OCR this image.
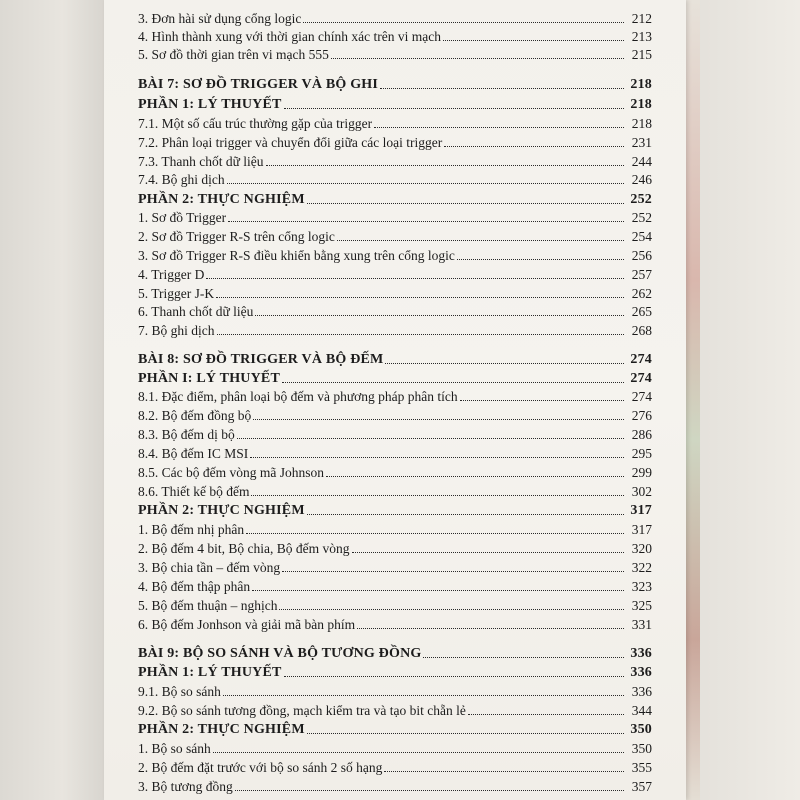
3. Đơn hài sử dụng cổng logic	212
4. Hình thành xung với thời gian chính xác trên vi mạch	213
5. Sơ đồ thời gian trên vi mạch 555	215
BÀI 7: SƠ ĐỒ TRIGGER VÀ BỘ GHI	218
PHẦN 1: LÝ THUYẾT	218
7.1. Một số cấu trúc thường gặp của trigger	218
7.2. Phân loại trigger và chuyển đổi giữa các loại trigger	231
7.3. Thanh chốt dữ liệu	244
7.4. Bộ ghi dịch	246
PHẦN 2: THỰC NGHIỆM	252
1. Sơ đồ Trigger	252
2. Sơ đồ Trigger R-S trên cổng logic	254
3. Sơ đồ Trigger R-S điều khiển bằng xung trên cổng logic	256
4. Trigger D	257
5. Trigger J-K	262
6. Thanh chốt dữ liệu	265
7. Bộ ghi dịch	268
BÀI 8: SƠ ĐỒ TRIGGER VÀ BỘ ĐẾM	274
PHẦN I: LÝ THUYẾT	274
8.1. Đặc điểm, phân loại bộ đếm và phương pháp phân tích	274
8.2. Bộ đếm đồng bộ	276
8.3. Bộ đếm dị bộ	286
8.4. Bộ đếm IC MSI	295
8.5. Các bộ đếm vòng mã Johnson	299
8.6. Thiết kế bộ đếm	302
PHẦN 2: THỰC NGHIỆM	317
1. Bộ đếm nhị phân	317
2. Bộ đếm 4 bit, Bộ chia, Bộ đếm vòng	320
3. Bộ chia tần – đếm vòng	322
4. Bộ đếm thập phân	323
5. Bộ đếm thuận – nghịch	325
6. Bộ đếm Jonhson và giải mã bàn phím	331
BÀI 9: BỘ SO SÁNH VÀ BỘ TƯƠNG ĐỒNG	336
PHẦN 1: LÝ THUYẾT	336
9.1. Bộ so sánh	336
9.2. Bộ so sánh tương đồng, mạch kiểm tra và tạo bit chẵn lẻ	344
PHẦN 2: THỰC NGHIỆM	350
1. Bộ so sánh	350
2. Bộ đếm đặt trước với bộ so sánh 2 số hạng	355
3. Bộ tương đồng	357
